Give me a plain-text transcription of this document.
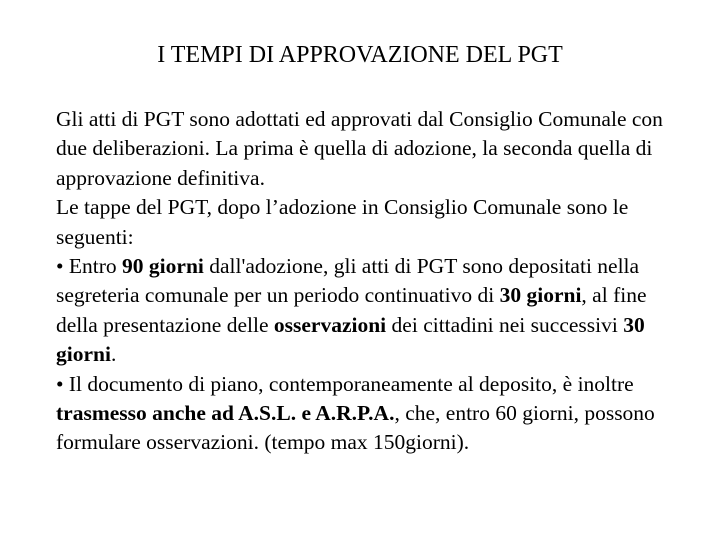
I TEMPI DI APPROVAZIONE DEL PGT
Gli atti di PGT sono adottati ed approvati dal Consiglio Comunale con due deliberazioni. La prima è quella di adozione, la seconda quella di approvazione definitiva.
Le tappe del PGT, dopo l’adozione in Consiglio Comunale sono le seguenti:
• Entro 90 giorni dall'adozione, gli atti di PGT sono depositati nella segreteria comunale per un periodo continuativo di 30 giorni, al fine della presentazione delle osservazioni dei cittadini nei successivi 30 giorni.
• Il documento di piano, contemporaneamente al deposito, è inoltre trasmesso anche ad A.S.L. e A.R.P.A., che, entro 60 giorni, possono formulare osservazioni. (tempo max 150giorni).
